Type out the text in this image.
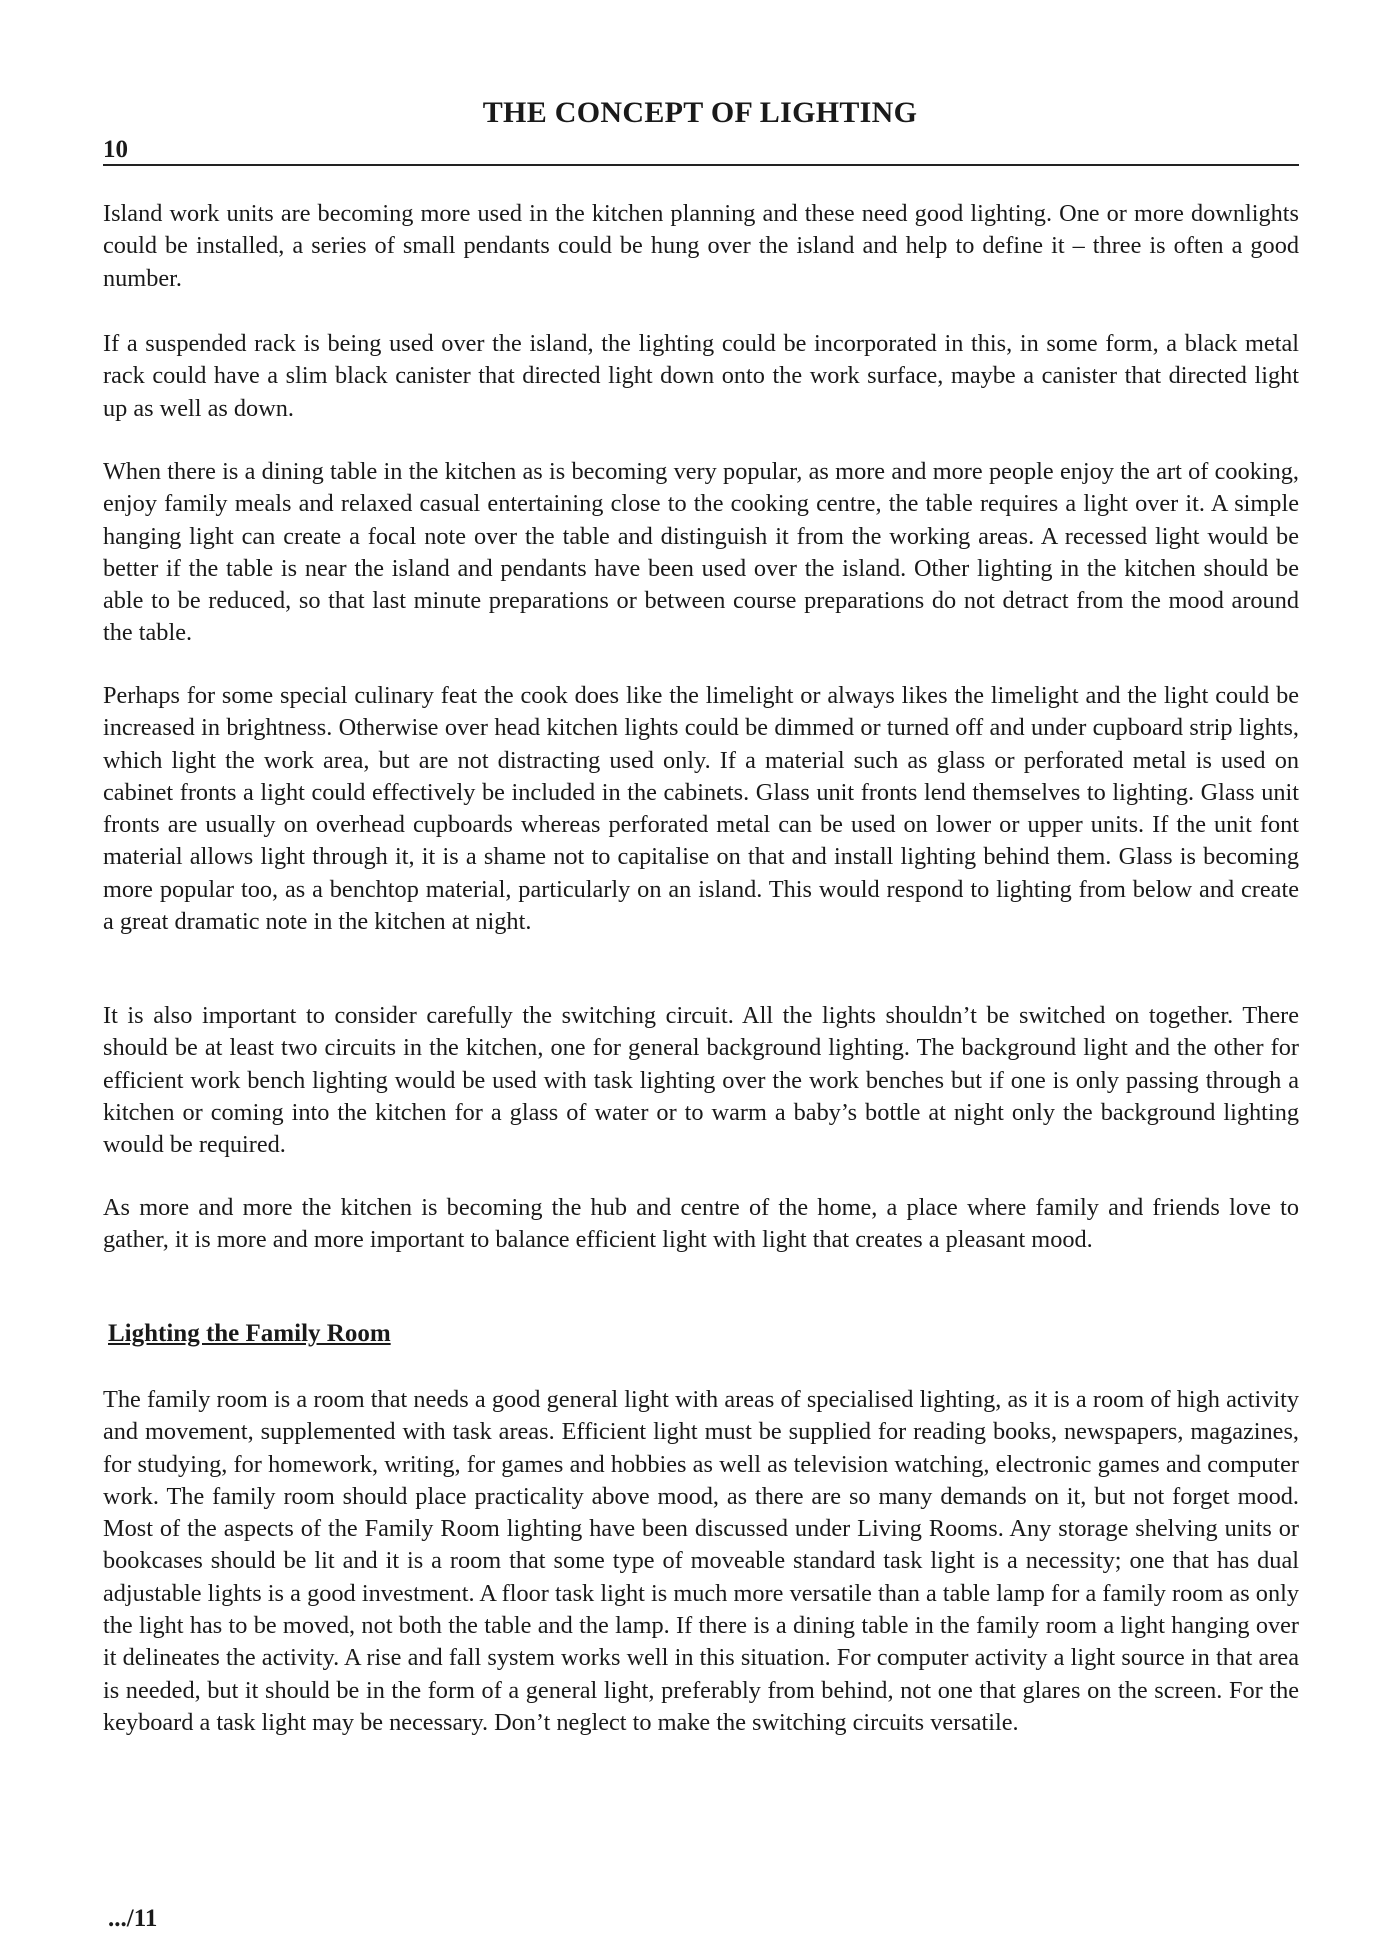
THE CONCEPT OF LIGHTING
10

Island work units are becoming more used in the kitchen planning and these need good lighting. One or more downlights could be installed, a series of small pendants could be hung over the island and help to define it – three is often a good number.

If a suspended rack is being used over the island, the lighting could be incorporated in this, in some form, a black metal rack could have a slim black canister that directed light down onto the work surface, maybe a canister that directed light up as well as down.

When there is a dining table in the kitchen as is becoming very popular, as more and more people enjoy the art of cooking, enjoy family meals and relaxed casual entertaining close to the cooking centre, the table requires a light over it. A simple hanging light can create a focal note over the table and distinguish it from the working areas. A recessed light would be better if the table is near the island and pendants have been used over the island. Other lighting in the kitchen should be able to be reduced, so that last minute preparations or between course preparations do not detract from the mood around the table.

Perhaps for some special culinary feat the cook does like the limelight or always likes the limelight and the light could be increased in brightness. Otherwise over head kitchen lights could be dimmed or turned off and under cupboard strip lights, which light the work area, but are not distracting used only. If a material such as glass or perforated metal is used on cabinet fronts a light could effectively be included in the cabinets. Glass unit fronts lend themselves to lighting. Glass unit fronts are usually on overhead cupboards whereas perforated metal can be used on lower or upper units. If the unit font material allows light through it, it is a shame not to capitalise on that and install lighting behind them. Glass is becoming more popular too, as a benchtop material, particularly on an island. This would respond to lighting from below and create a great dramatic note in the kitchen at night.

It is also important to consider carefully the switching circuit. All the lights shouldn’t be switched on together. There should be at least two circuits in the kitchen, one for general background lighting. The background light and the other for efficient work bench lighting would be used with task lighting over the work benches but if one is only passing through a kitchen or coming into the kitchen for a glass of water or to warm a baby’s bottle at night only the background lighting would be required.

As more and more the kitchen is becoming the hub and centre of the home, a place where family and friends love to gather, it is more and more important to balance efficient light with light that creates a pleasant mood.

Lighting the Family Room

The family room is a room that needs a good general light with areas of specialised lighting, as it is a room of high activity and movement, supplemented with task areas. Efficient light must be supplied for reading books, newspapers, magazines, for studying, for homework, writing, for games and hobbies as well as television watching, electronic games and computer work. The family room should place practicality above mood, as there are so many demands on it, but not forget mood. Most of the aspects of the Family Room lighting have been discussed under Living Rooms. Any storage shelving units or bookcases should be lit and it is a room that some type of moveable standard task light is a necessity; one that has dual adjustable lights is a good investment. A floor task light is much more versatile than a table lamp for a family room as only the light has to be moved, not both the table and the lamp. If there is a dining table in the family room a light hanging over it delineates the activity. A rise and fall system works well in this situation. For computer activity a light source in that area is needed, but it should be in the form of a general light, preferably from behind, not one that glares on the screen. For the keyboard a task light may be necessary. Don’t neglect to make the switching circuits versatile.

.../11
